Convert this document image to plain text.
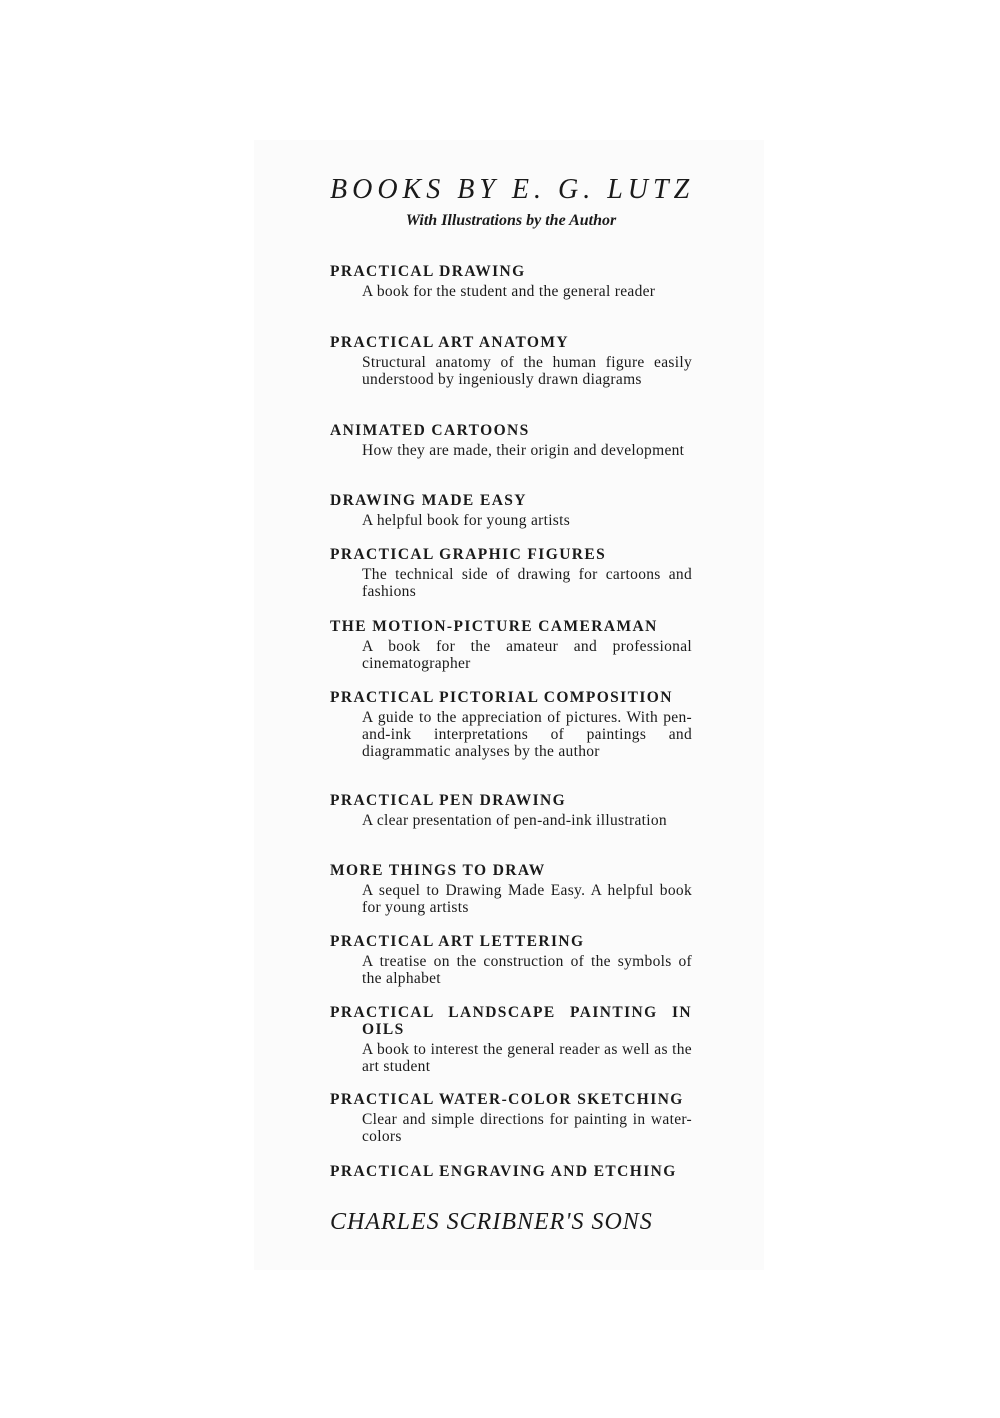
BOOKS BY E. G. LUTZ
With Illustrations by the Author

PRACTICAL DRAWING

A book for the student and the general reader

PRACTICAL ART ANATOMY

Structural anatomy of the human figure easily understood by ingeniously drawn diagrams

ANIMATED CARTOONS

How they are made, their origin and development

DRAWING MADE EASY

A helpful book for young artists

PRACTICAL GRAPHIC FIGURES

The technical side of drawing for cartoons and fashions

THE MOTION-PICTURE CAMERAMAN

A book for the amateur and professional cinematographer

PRACTICAL PICTORIAL COMPOSITION

A guide to the appreciation of pictures. With pen-and-ink interpretations of paintings and diagrammatic analyses by the author

PRACTICAL PEN DRAWING

A clear presentation of pen-and-ink illustration

MORE THINGS TO DRAW

A sequel to Drawing Made Easy. A helpful book for young artists

PRACTICAL ART LETTERING

A treatise on the construction of the symbols of the alphabet

PRACTICAL LANDSCAPE PAINTING IN
OILS

A book to interest the general reader as well as the art student

PRACTICAL WATER-COLOR SKETCHING

Clear and simple directions for painting in water-colors

PRACTICAL ENGRAVING AND ETCHING

CHARLES SCRIBNER'S SONS
